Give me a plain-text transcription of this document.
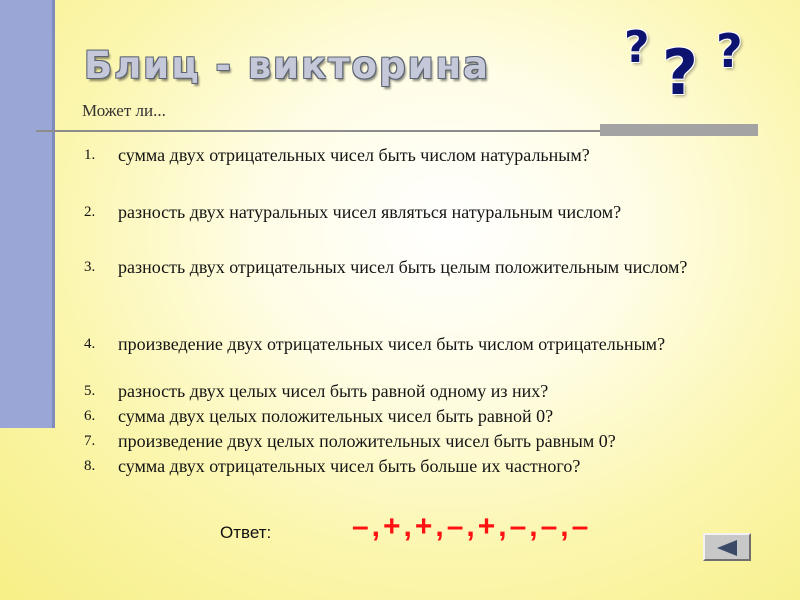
Блиц - викторина	? ? ?
Может ли...
1.	сумма двух отрицательных чисел быть числом натуральным?
2.	разность двух натуральных чисел являться натуральным числом?
3.	разность двух отрицательных чисел быть целым положительным числом?
4.	произведение двух отрицательных чисел быть числом отрицательным?
5.	разность двух целых чисел быть равной одному из них?
6.	сумма двух целых положительных чисел быть равной 0?
7.	произведение двух целых положительных чисел быть равным 0?
8.	сумма двух отрицательных чисел быть больше их частного?
Ответ:	–,+,+,–,+,–,–,–
